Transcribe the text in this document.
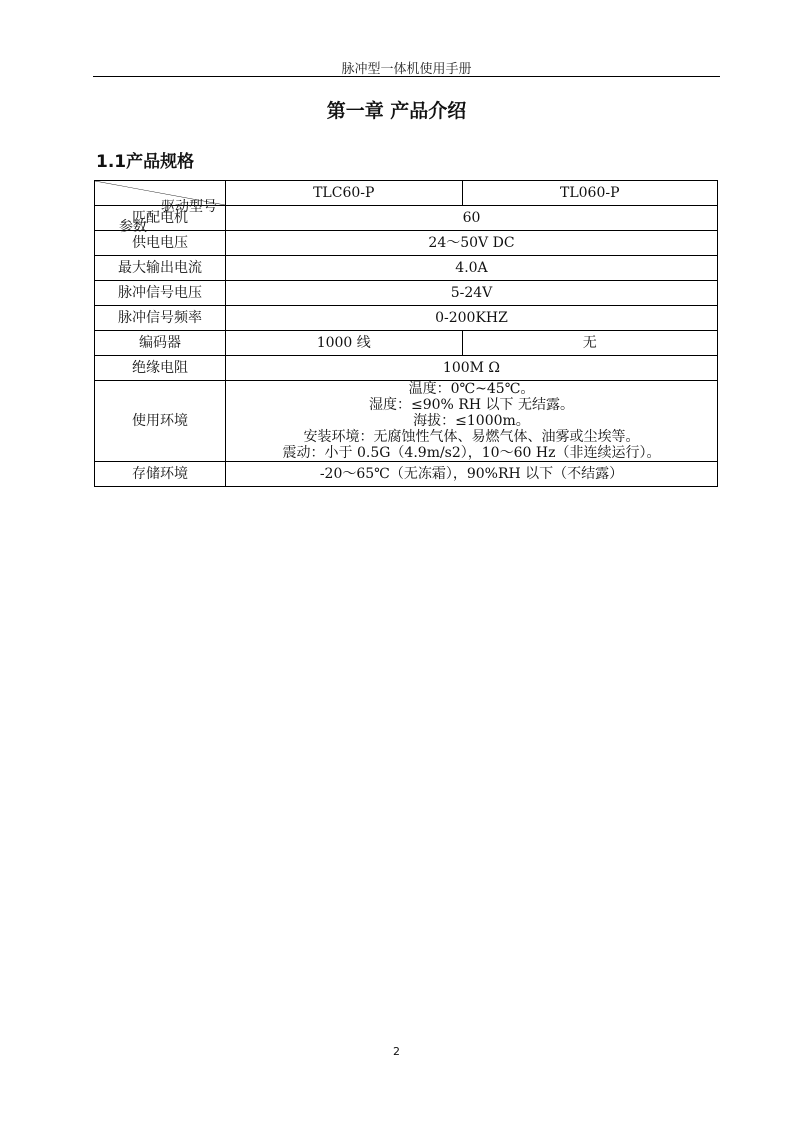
脉冲型一体机使用手册
第一章 产品介绍
1.1产品规格
驱动型号
参数	TLC60-P	TL060-P
匹配电机	60	
供电电压	24～50V DC	
最大输出电流	4.0A	
脉冲信号电压	5-24V	
脉冲信号频率	0-200KHZ	
编码器	1000 线	无
绝缘电阻	100M Ω	
使用环境	温度：0℃~45℃。
湿度：≤90% RH 以下 无结露。
海拔：≤1000m。
安装环境：无腐蚀性气体、易燃气体、油雾或尘埃等。
震动：小于 0.5G（4.9m/s2），10～60 Hz（非连续运行）。	

存储环境	-20～65℃（无冻霜），90%RH 以下（不结露）	
2
